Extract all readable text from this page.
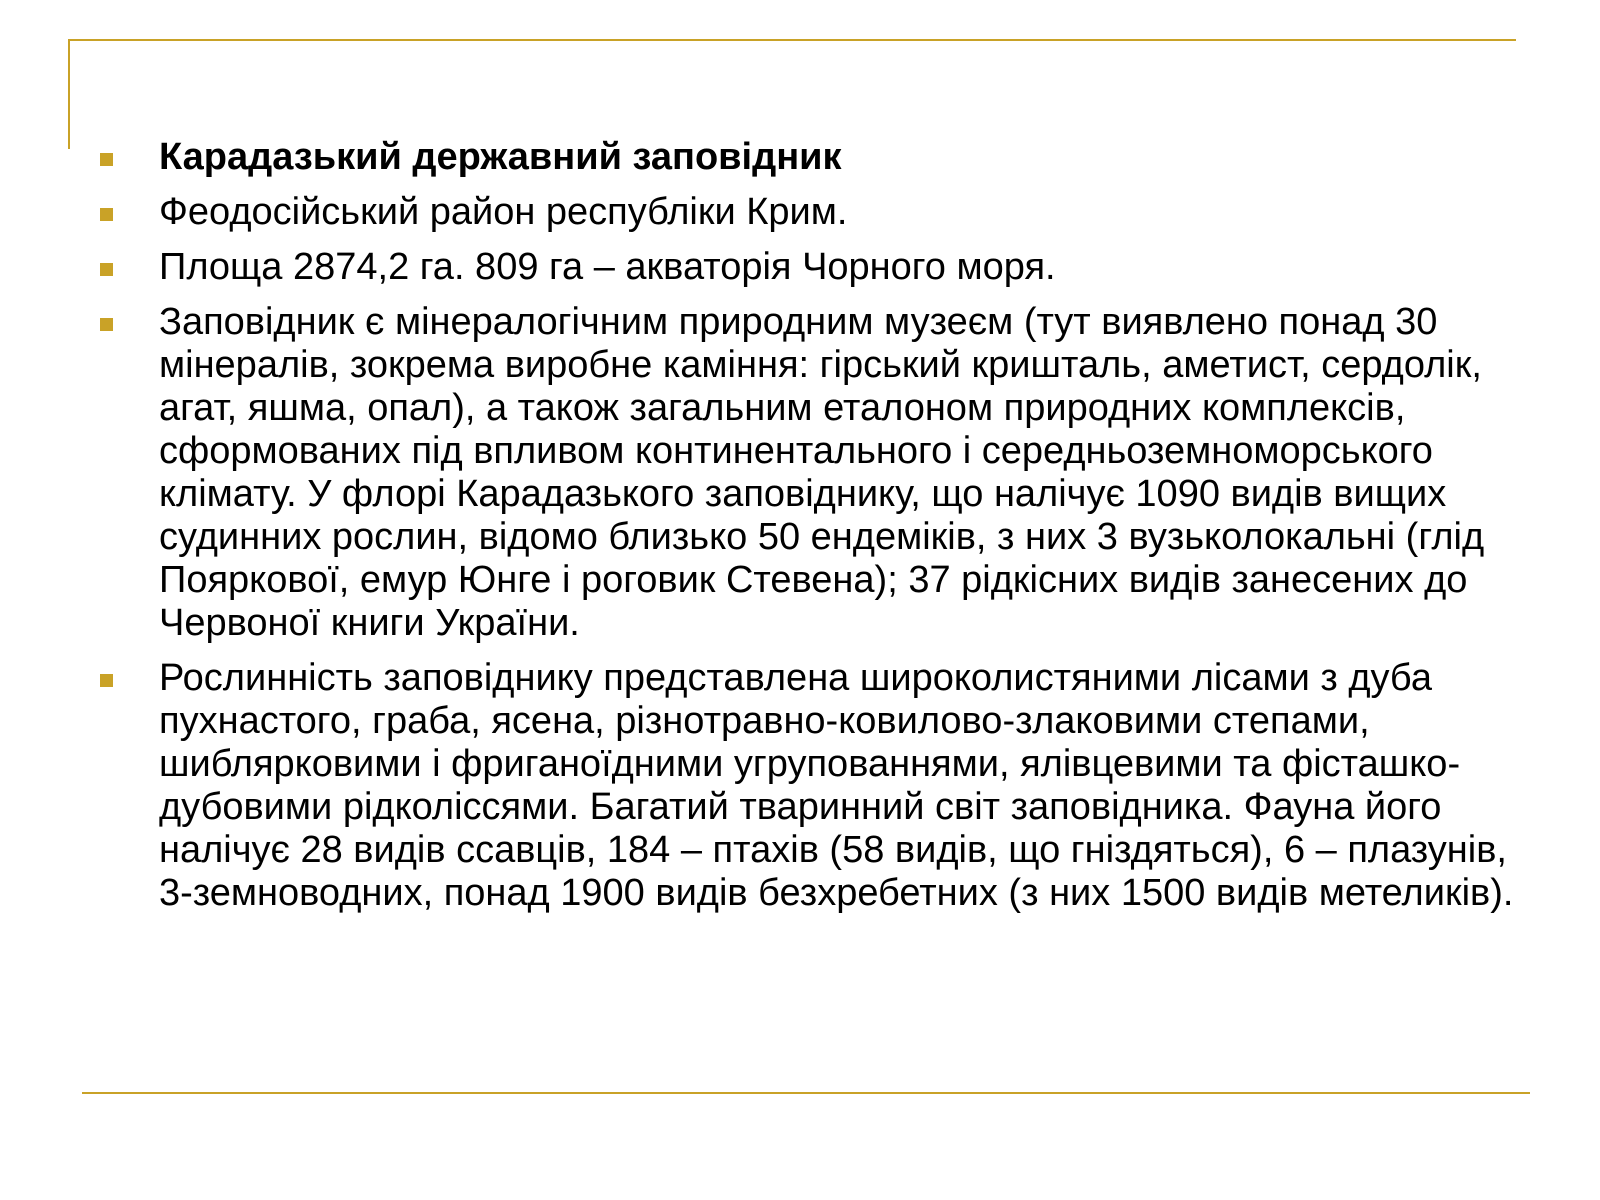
Карадазький державний заповідник
Феодосійський район республіки Крим.
Площа 2874,2 га. 809 га – акваторія Чорного моря.
Заповідник є мінералогічним природним музеєм (тут виявлено понад 30 мінералів, зокрема виробне каміння: гірський кришталь, аметист, сердолік, агат, яшма, опал), а також загальним еталоном природних комплексів, сформованих під впливом континентального і середньоземноморського клімату. У флорі Карадазького заповіднику, що налічує 1090 видів вищих судинних рослин, відомо близько 50 ендеміків, з них 3 вузьколокальні (глід Пояркової, емур Юнге і роговик Стевена); 37 рідкісних видів занесених до Червоної книги України.
Рослинність заповіднику представлена широколистяними лісами з дуба пухнастого, граба, ясена, різнотравно-ковилово-злаковими степами, шиблярковими і фриганоїдними угрупованнями, ялівцевими та фісташко-дубовими рідколіссями. Багатий тваринний світ заповідника. Фауна його налічує 28 видів ссавців, 184 – птахів (58 видів, що гніздяться), 6 – плазунів, 3-земноводних, понад 1900 видів безхребетних (з них 1500 видів метеликів).
